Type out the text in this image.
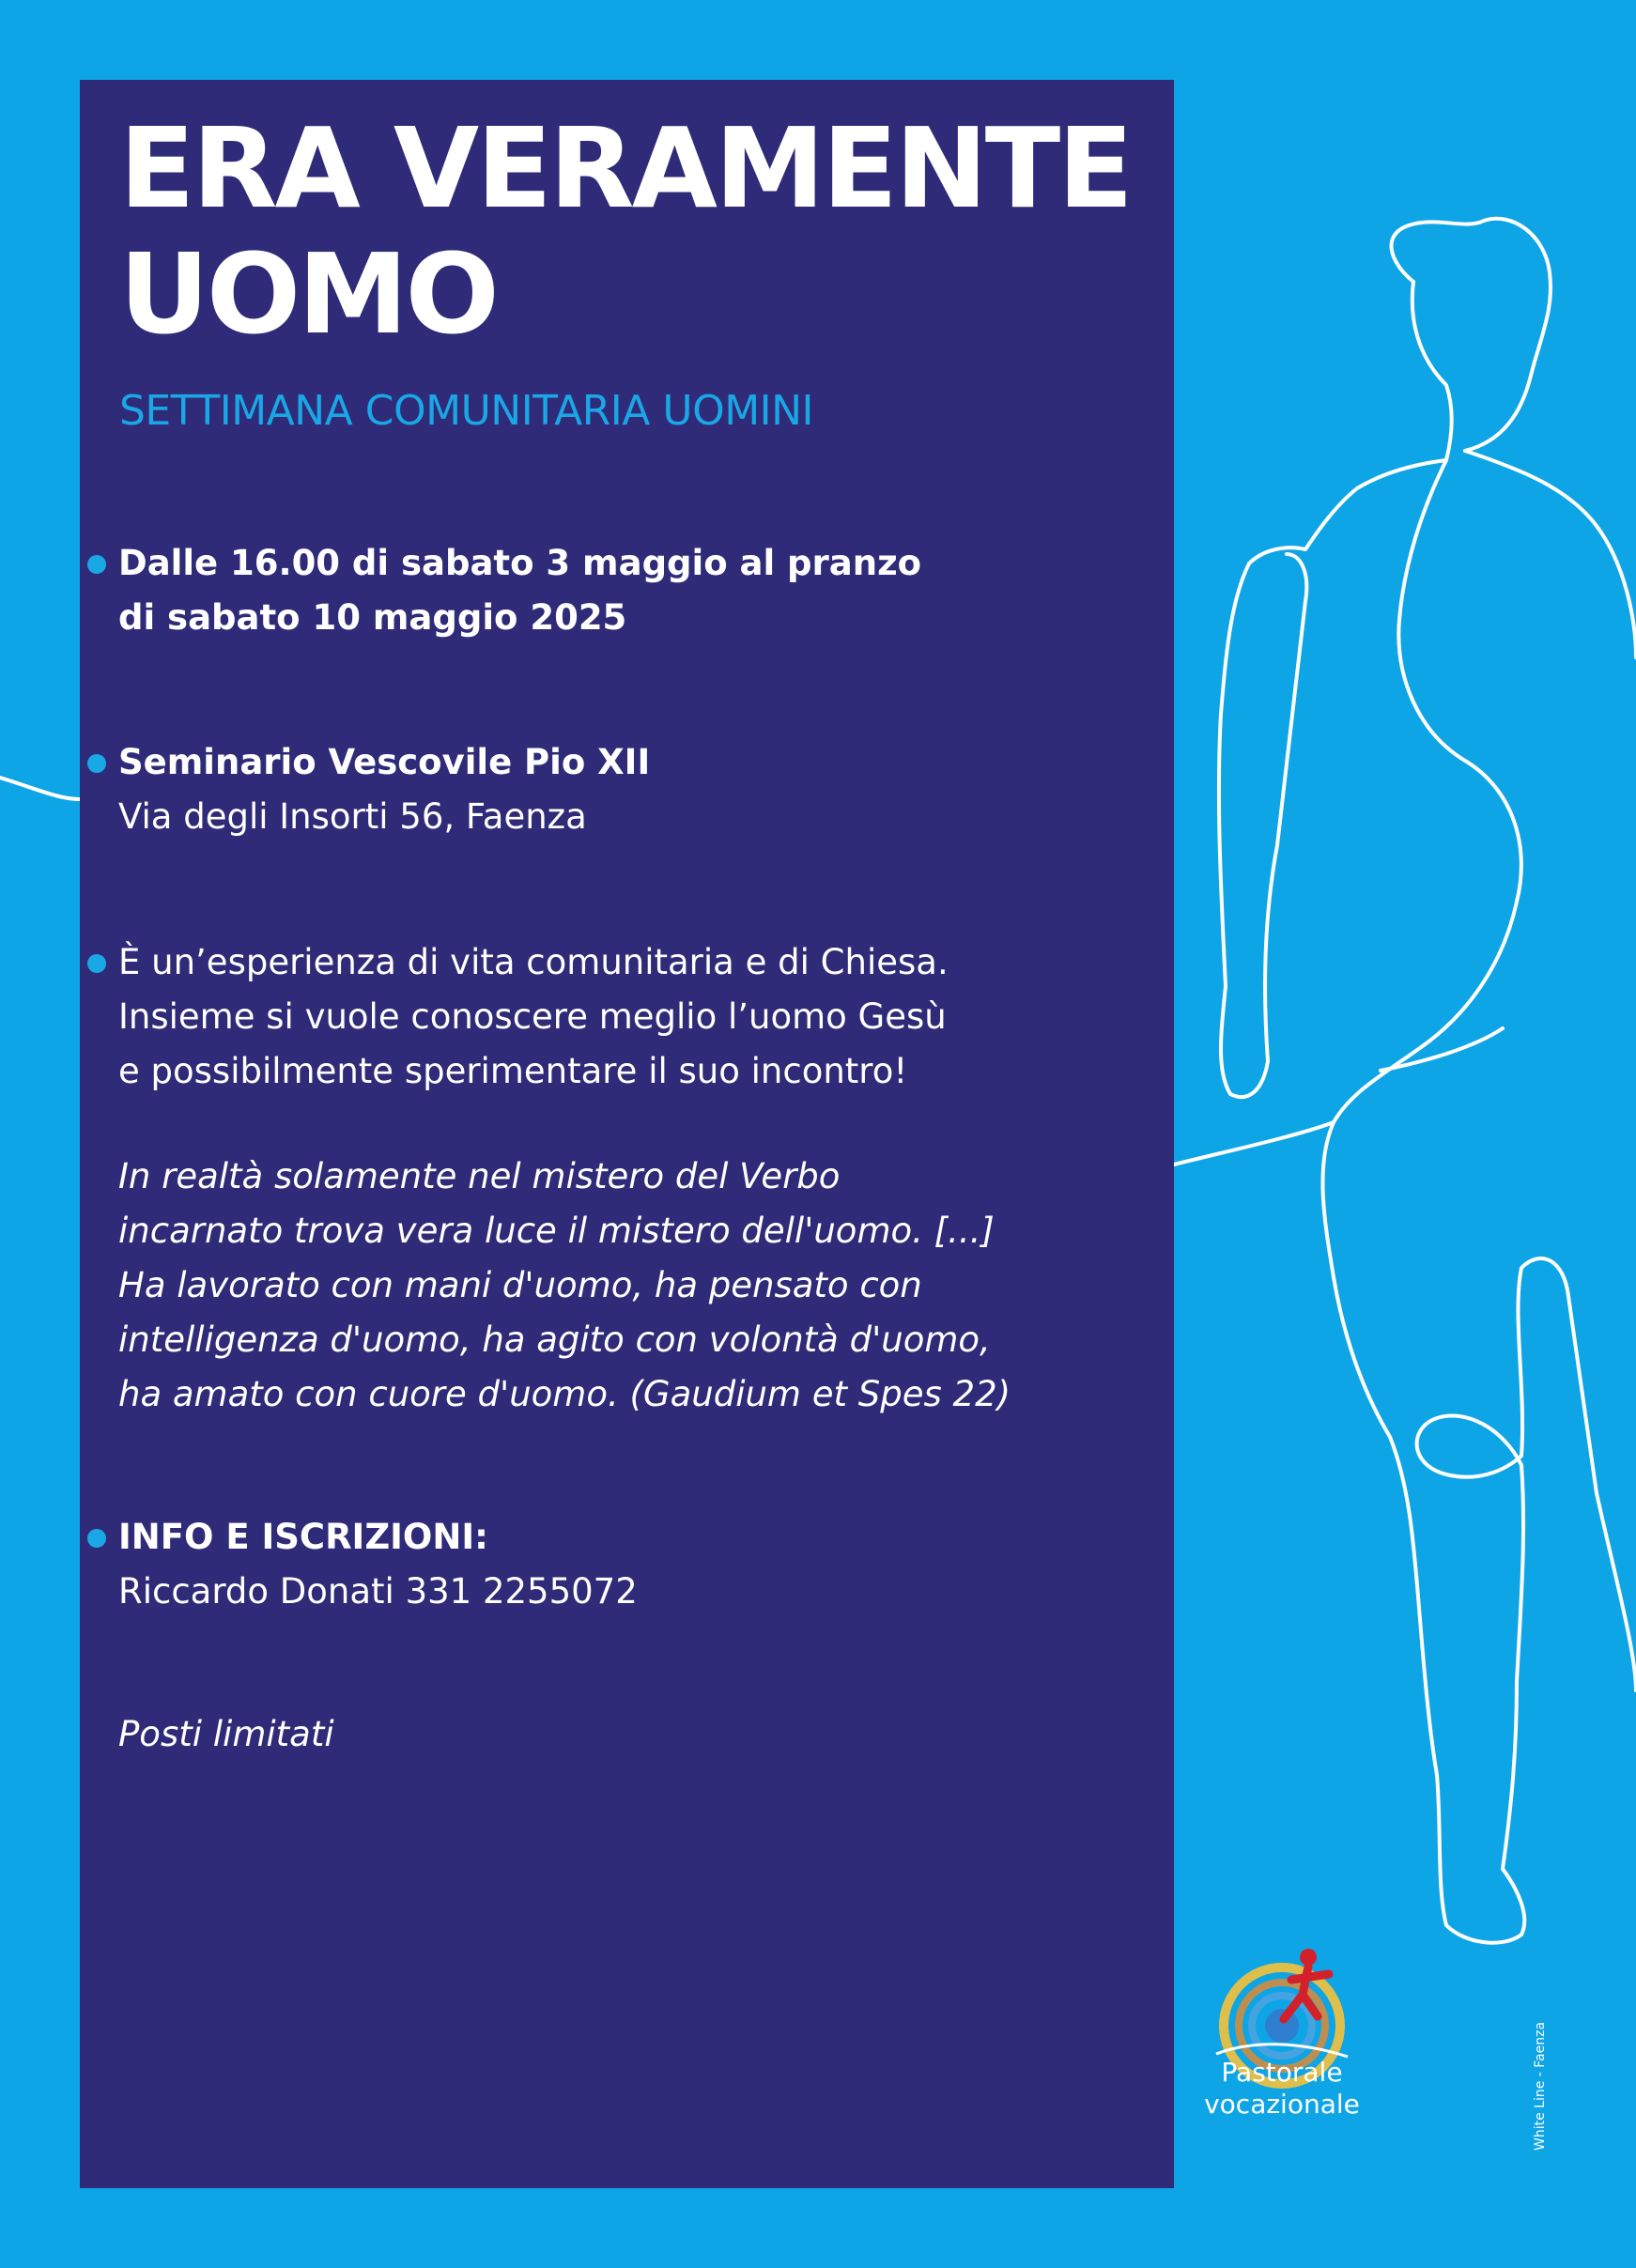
ERA VERAMENTE
UOMO
SETTIMANA COMUNITARIA UOMINI
Dalle 16.00 di sabato 3 maggio al pranzo
di sabato 10 maggio 2025
Seminario Vescovile Pio XII
Via degli Insorti 56, Faenza
È un’esperienza di vita comunitaria e di Chiesa.
Insieme si vuole conoscere meglio l’uomo Gesù
e possibilmente sperimentare il suo incontro!
In realtà solamente nel mistero del Verbo
incarnato trova vera luce il mistero dell'uomo. [...]
Ha lavorato con mani d'uomo, ha pensato con
intelligenza d'uomo, ha agito con volontà d'uomo,
ha amato con cuore d'uomo. (Gaudium et Spes 22)
INFO E ISCRIZIONI:
Riccardo Donati 331 2255072
Posti limitati
Pastorale
vocazionale	White Line - Faenza
